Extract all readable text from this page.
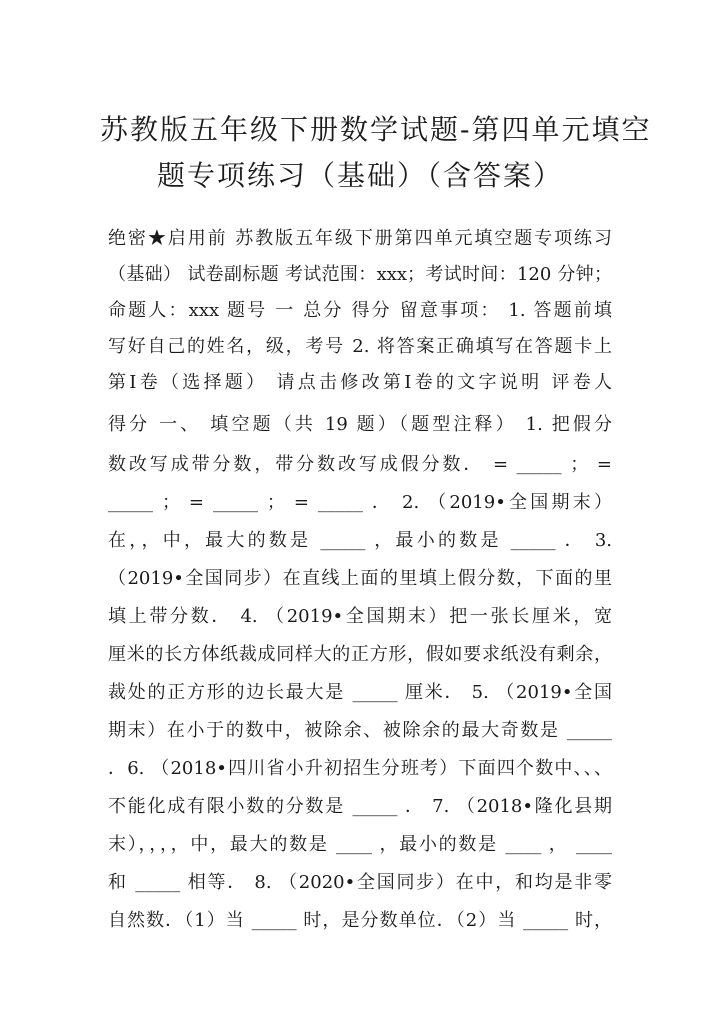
苏教版五年级下册数学试题-第四单元填空
题专项练习（基础）（含答案）
绝密★启用前 苏教版五年级下册第四单元填空题专项练习
（基础） 试卷副标题 考试范围：xxx；考试时间：120 分钟；
命题人：xxx 题号 一 总分 得分 留意事项： 1. 答题前填
写好自己的姓名，级，考号 2. 将答案正确填写在答题卡上
第Ⅰ卷（选择题） 请点击修改第Ⅰ卷的文字说明 评卷人
得分 一、 填空题（共 19 题）（题型注释） 1. 把假分
数改写成带分数，带分数改写成假分数． = _____ ； =
_____ ； = _____ ； = _____ ． 2. （2019•全国期末）
在，，中，最大的数是 _____ ，最小的数是 _____ ． 3.
（2019•全国同步）在直线上面的里填上假分数，下面的里
填上带分数． 4. （2019•全国期末）把一张长厘米，宽
厘米的长方体纸裁成同样大的正方形，假如要求纸没有剩余，
裁处的正方形的边长最大是 _____ 厘米． 5. （2019•全国
期末）在小于的数中，被除余、被除余的最大奇数是 _____
．6. （2018•四川省小升初招生分班考）下面四个数中、、、
不能化成有限小数的分数是 _____ ． 7. （2018•隆化县期
末），，，，中，最大的数是 ____ ，最小的数是 ____ ， ____
和 _____ 相等． 8. （2020•全国同步）在中，和均是非零
自然数．（1）当 _____ 时，是分数单位．（2）当 _____ 时，
